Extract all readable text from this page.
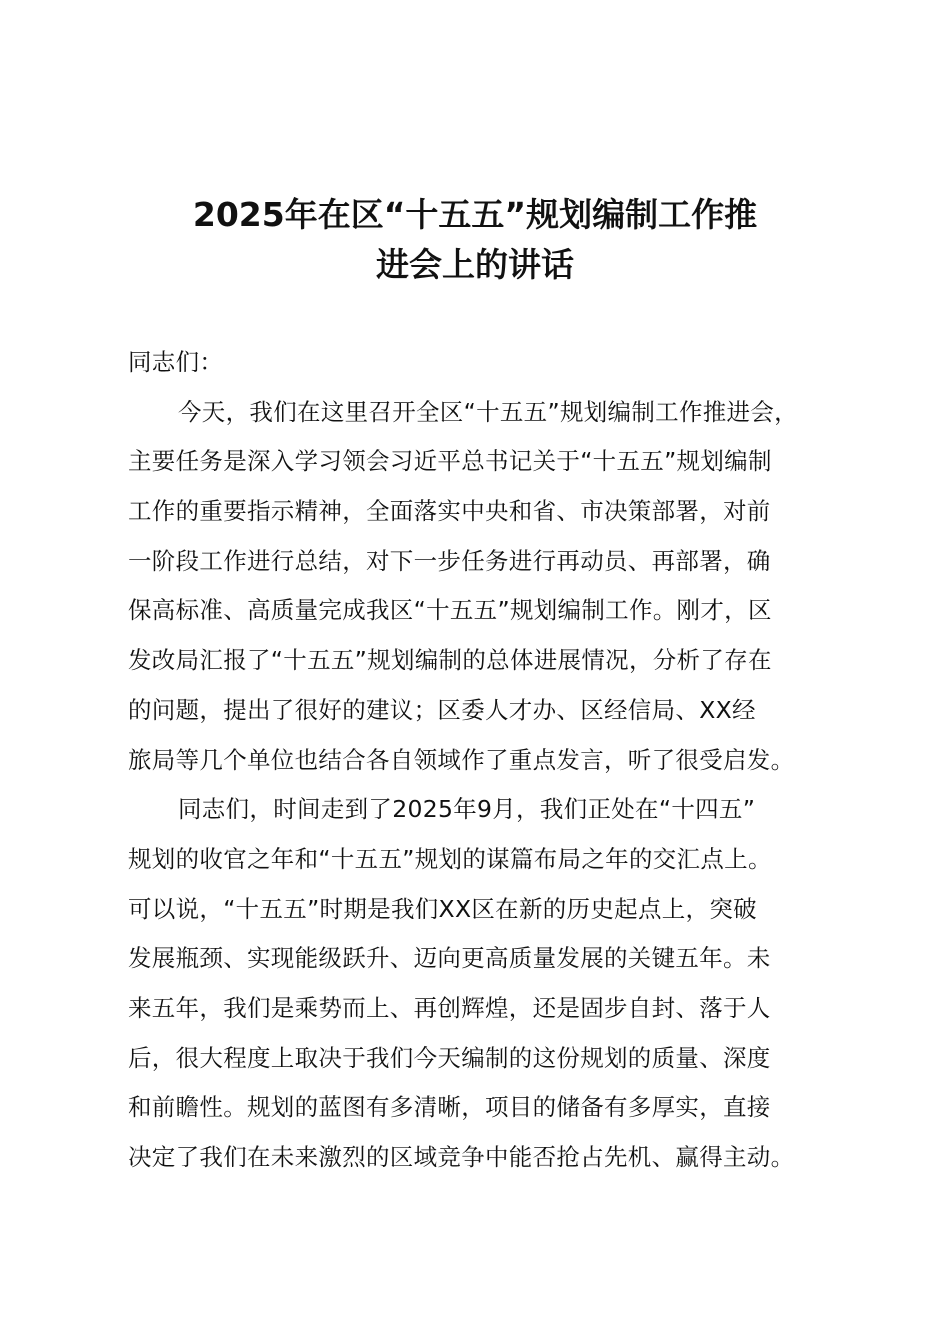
2025年在区“十五五”规划编制工作推
进会上的讲话
同志们：
今天，我们在这里召开全区“十五五”规划编制工作推进会，
主要任务是深入学习领会习近平总书记关于“十五五”规划编制
工作的重要指示精神，全面落实中央和省、市决策部署，对前
一阶段工作进行总结，对下一步任务进行再动员、再部署，确
保高标准、高质量完成我区“十五五”规划编制工作。刚才，区
发改局汇报了“十五五”规划编制的总体进展情况，分析了存在
的问题，提出了很好的建议；区委人才办、区经信局、XX经
旅局等几个单位也结合各自领域作了重点发言，听了很受启发。
同志们，时间走到了2025年9月，我们正处在“十四五”
规划的收官之年和“十五五”规划的谋篇布局之年的交汇点上。
可以说，“十五五”时期是我们XX区在新的历史起点上，突破
发展瓶颈、实现能级跃升、迈向更高质量发展的关键五年。未
来五年，我们是乘势而上、再创辉煌，还是固步自封、落于人
后，很大程度上取决于我们今天编制的这份规划的质量、深度
和前瞻性。规划的蓝图有多清晰，项目的储备有多厚实，直接
决定了我们在未来激烈的区域竞争中能否抢占先机、赢得主动。
